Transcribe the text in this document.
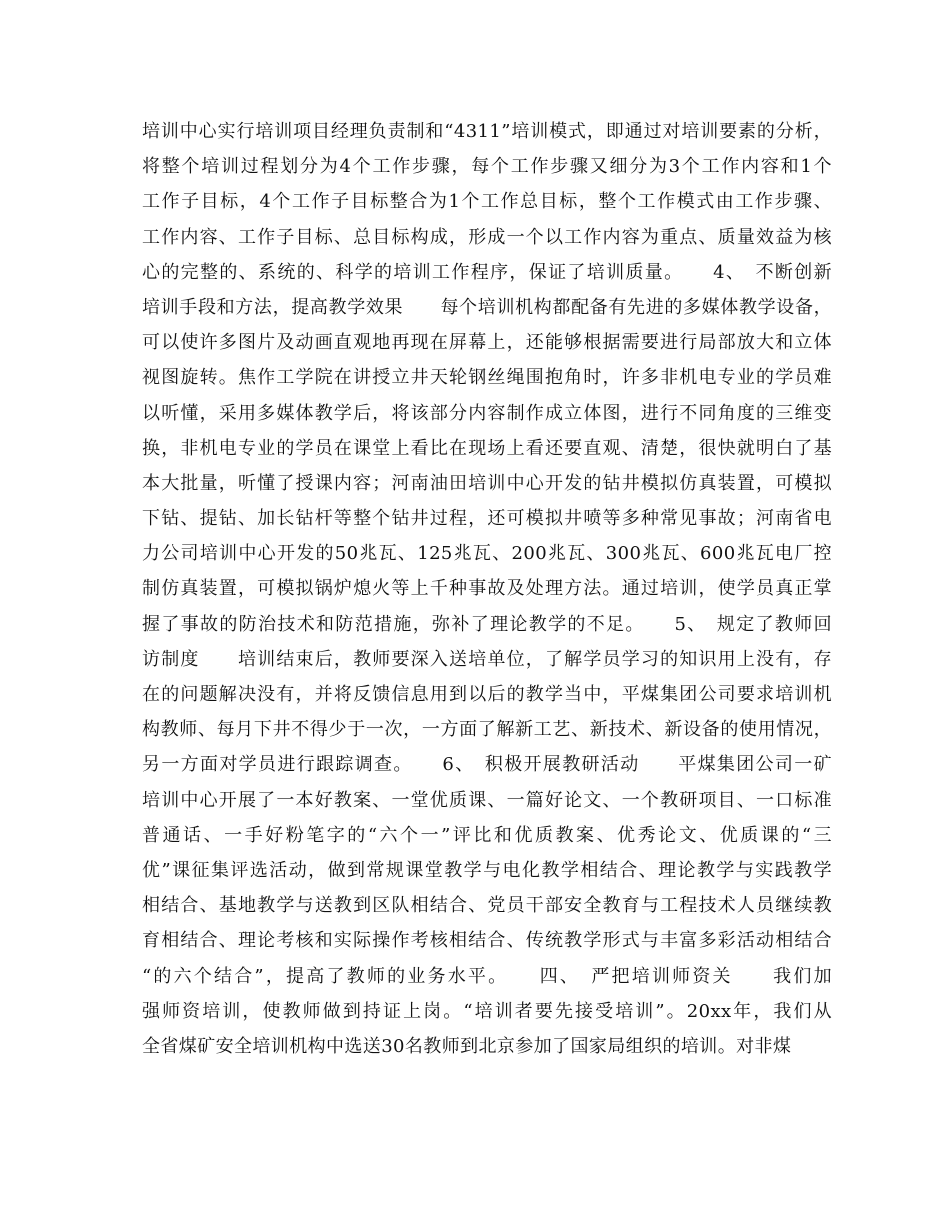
培训中心实行培训项目经理负责制和“4311”培训模式，即通过对培训要素的分析，
将整个培训过程划分为4个工作步骤，每个工作步骤又细分为3个工作内容和1个
工作子目标，4个工作子目标整合为1个工作总目标，整个工作模式由工作步骤、
工作内容、工作子目标、总目标构成，形成一个以工作内容为重点、质量效益为核
心的完整的、系统的、科学的培训工作程序，保证了培训质量。　　4、　不断创新
培训手段和方法，提高教学效果　　每个培训机构都配备有先进的多媒体教学设备，
可以使许多图片及动画直观地再现在屏幕上，还能够根据需要进行局部放大和立体
视图旋转。焦作工学院在讲授立井天轮钢丝绳围抱角时，许多非机电专业的学员难
以听懂，采用多媒体教学后，将该部分内容制作成立体图，进行不同角度的三维变
换，非机电专业的学员在课堂上看比在现场上看还要直观、清楚，很快就明白了基
本大批量，听懂了授课内容；河南油田培训中心开发的钻井模拟仿真装置，可模拟
下钻、提钻、加长钻杆等整个钻井过程，还可模拟井喷等多种常见事故；河南省电
力公司培训中心开发的50兆瓦、125兆瓦、200兆瓦、300兆瓦、600兆瓦电厂控
制仿真装置，可模拟锅炉熄火等上千种事故及处理方法。通过培训，使学员真正掌
握了事故的防治技术和防范措施，弥补了理论教学的不足。　　5、　规定了教师回
访制度　　培训结束后，教师要深入送培单位，了解学员学习的知识用上没有，存
在的问题解决没有，并将反馈信息用到以后的教学当中，平煤集团公司要求培训机
构教师、每月下井不得少于一次，一方面了解新工艺、新技术、新设备的使用情况，
另一方面对学员进行跟踪调查。　　6、　积极开展教研活动　　平煤集团公司一矿
培训中心开展了一本好教案、一堂优质课、一篇好论文、一个教研项目、一口标准
普通话、一手好粉笔字的“六个一”评比和优质教案、优秀论文、优质课的“三
优”课征集评选活动，做到常规课堂教学与电化教学相结合、理论教学与实践教学
相结合、基地教学与送教到区队相结合、党员干部安全教育与工程技术人员继续教
育相结合、理论考核和实际操作考核相结合、传统教学形式与丰富多彩活动相结合
“的六个结合”，提高了教师的业务水平。　　四、　严把培训师资关　　我们加
强师资培训，使教师做到持证上岗。“培训者要先接受培训”。20xx年，我们从
全省煤矿安全培训机构中选送30名教师到北京参加了国家局组织的培训。对非煤
